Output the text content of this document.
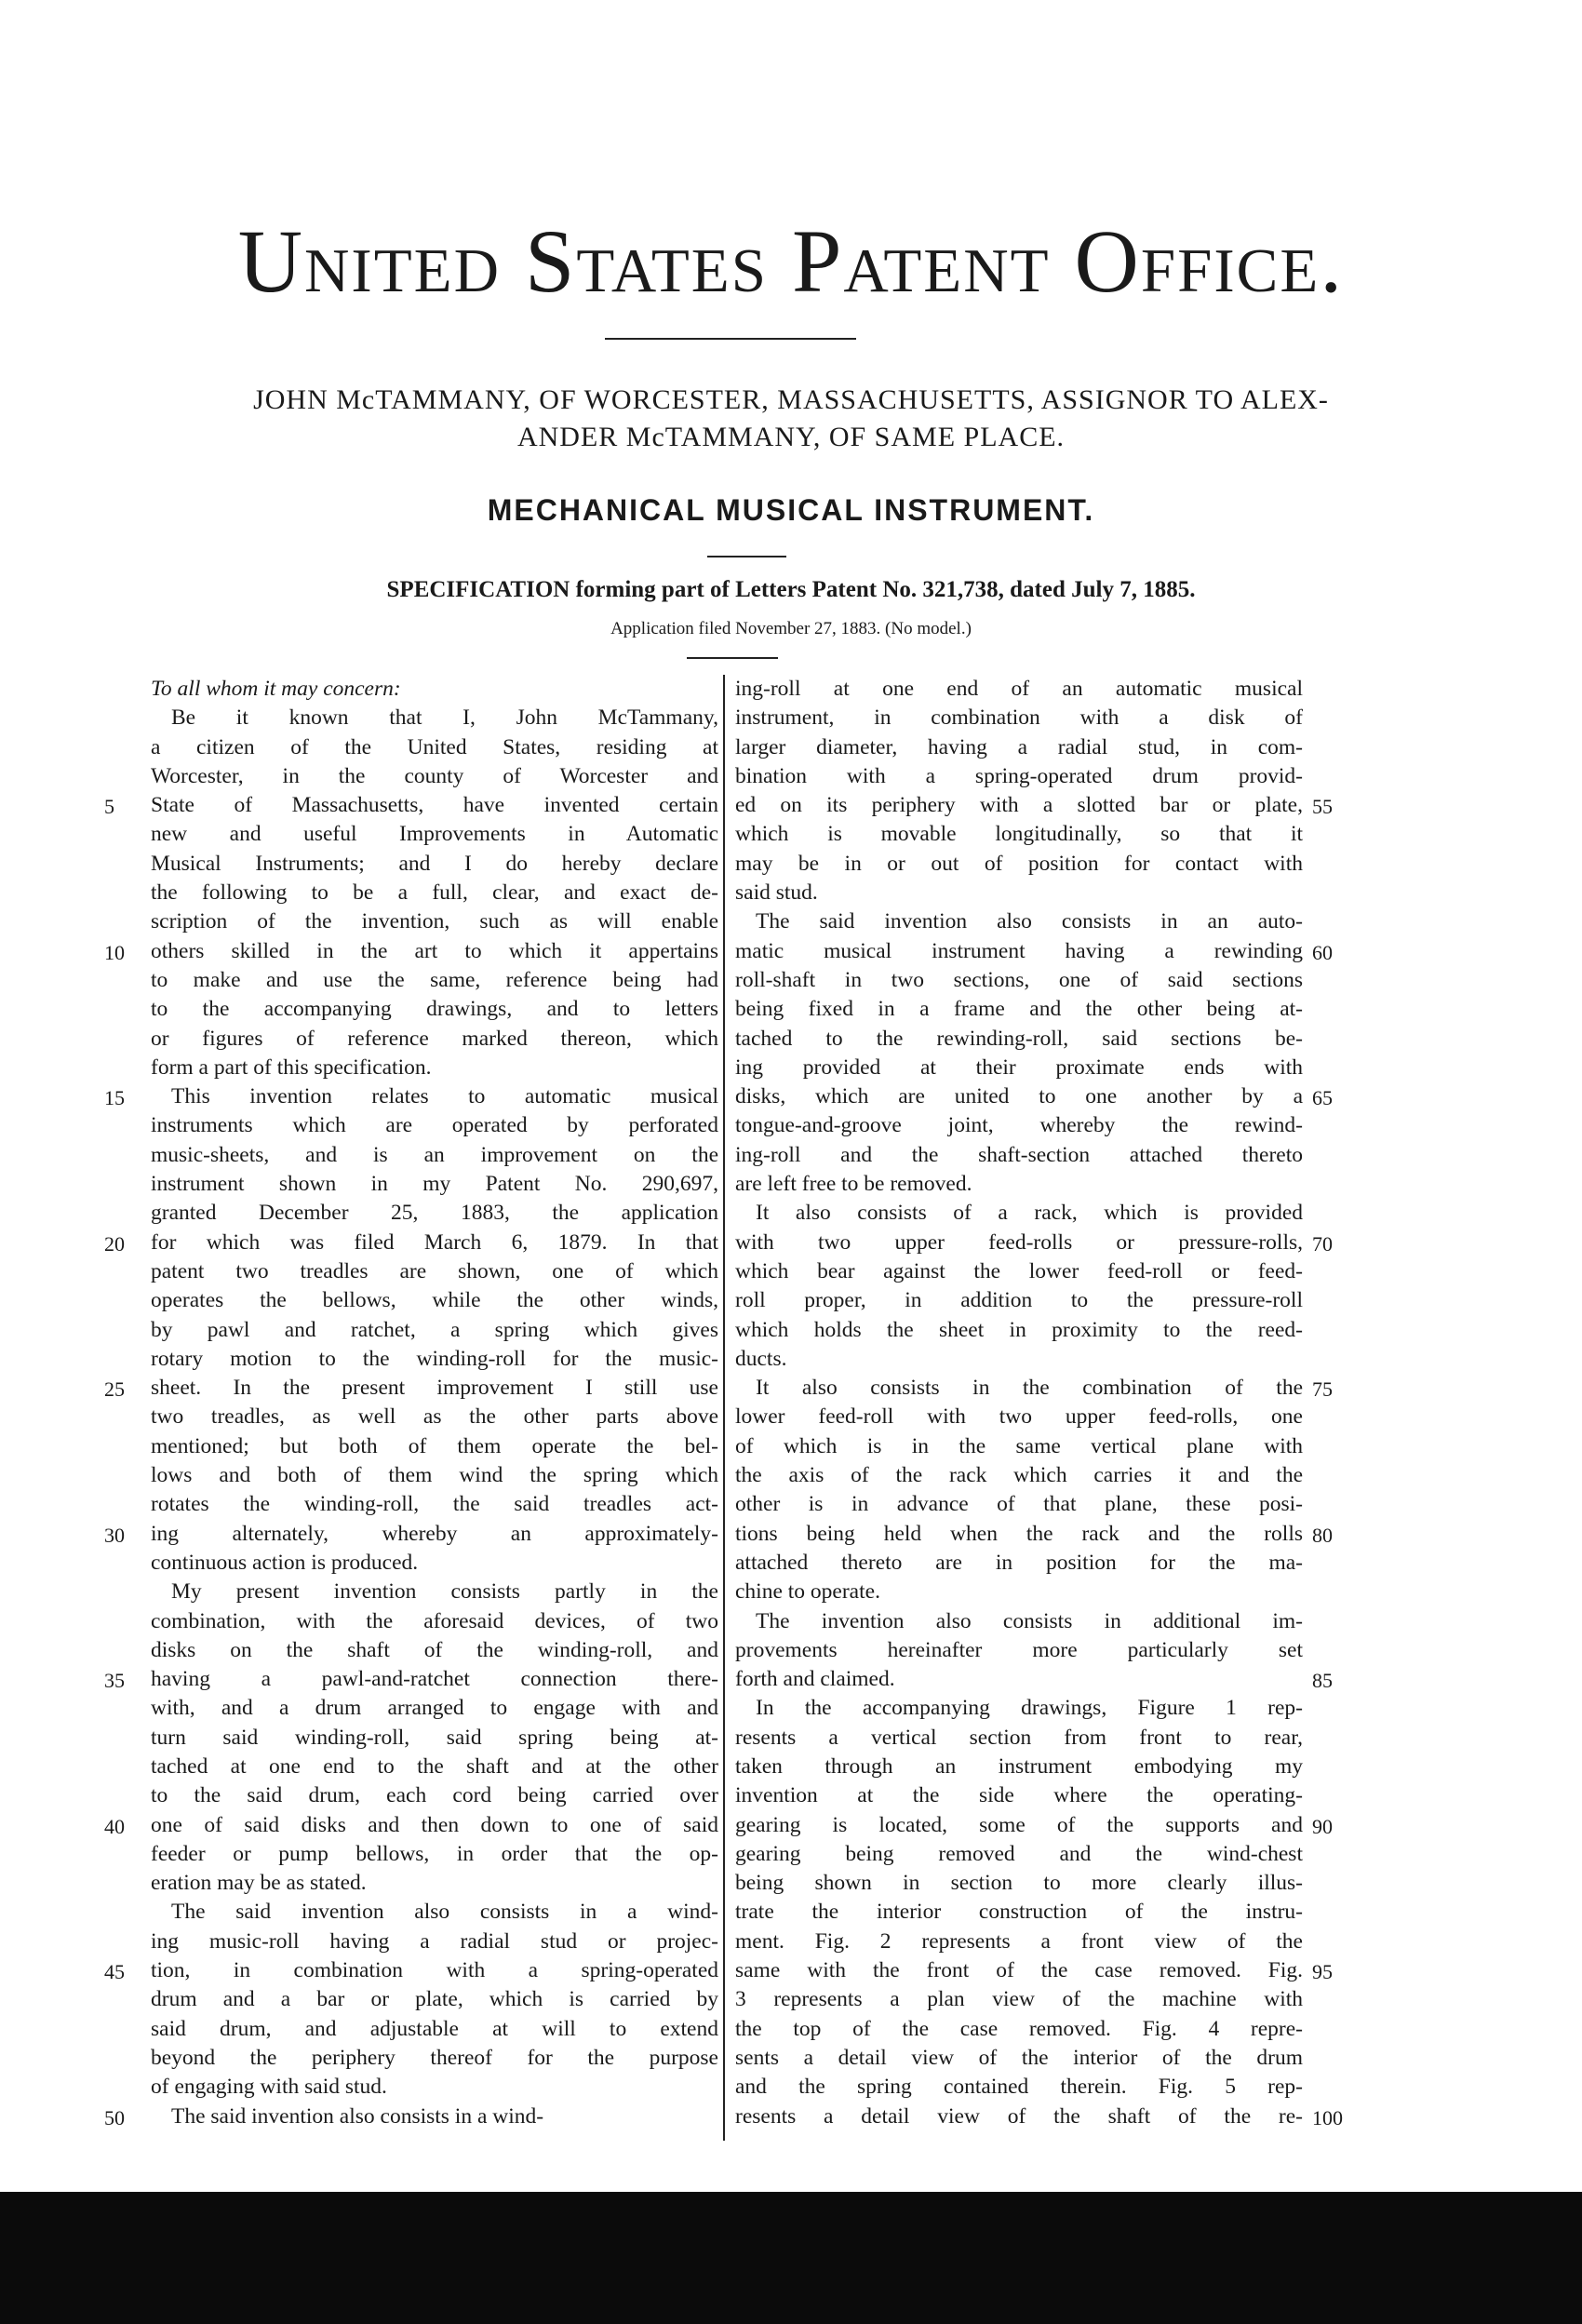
United States Patent Office.
JOHN McTAMMANY, OF WORCESTER, MASSACHUSETTS, ASSIGNOR TO ALEX-
ANDER McTAMMANY, OF SAME PLACE.
MECHANICAL MUSICAL INSTRUMENT.
SPECIFICATION forming part of Letters Patent No. 321,738, dated July 7, 1885.
Application filed November 27, 1883. (No model.)
To all whom it may concern:
Be it known that I, John McTammany,
a citizen of the United States, residing at
Worcester, in the county of Worcester and
State of Massachusetts, have invented certain
new and useful Improvements in Automatic
Musical Instruments; and I do hereby declare
the following to be a full, clear, and exact de-
scription of the invention, such as will enable
others skilled in the art to which it appertains
to make and use the same, reference being had
to the accompanying drawings, and to letters
or figures of reference marked thereon, which
form a part of this specification.
This invention relates to automatic musical
instruments which are operated by perforated
music-sheets, and is an improvement on the
instrument shown in my Patent No. 290,697,
granted December 25, 1883, the application
for which was filed March 6, 1879. In that
patent two treadles are shown, one of which
operates the bellows, while the other winds,
by pawl and ratchet, a spring which gives
rotary motion to the winding-roll for the music-
sheet. In the present improvement I still use
two treadles, as well as the other parts above
mentioned; but both of them operate the bel-
lows and both of them wind the spring which
rotates the winding-roll, the said treadles act-
ing alternately, whereby an approximately-
continuous action is produced.
My present invention consists partly in the
combination, with the aforesaid devices, of two
disks on the shaft of the winding-roll, and
having a pawl-and-ratchet connection there-
with, and a drum arranged to engage with and
turn said winding-roll, said spring being at-
tached at one end to the shaft and at the other
to the said drum, each cord being carried over
one of said disks and then down to one of said
feeder or pump bellows, in order that the op-
eration may be as stated.
The said invention also consists in a wind-
ing music-roll having a radial stud or projec-
tion, in combination with a spring-operated
drum and a bar or plate, which is carried by
said drum, and adjustable at will to extend
beyond the periphery thereof for the purpose
of engaging with said stud.
The said invention also consists in a wind-
ing-roll at one end of an automatic musical
instrument, in combination with a disk of
larger diameter, having a radial stud, in com-
bination with a spring-operated drum provid-
ed on its periphery with a slotted bar or plate,
which is movable longitudinally, so that it
may be in or out of position for contact with
said stud.
The said invention also consists in an auto-
matic musical instrument having a rewinding
roll-shaft in two sections, one of said sections
being fixed in a frame and the other being at-
tached to the rewinding-roll, said sections be-
ing provided at their proximate ends with
disks, which are united to one another by a
tongue-and-groove joint, whereby the rewind-
ing-roll and the shaft-section attached thereto
are left free to be removed.
It also consists of a rack, which is provided
with two upper feed-rolls or pressure-rolls,
which bear against the lower feed-roll or feed-
roll proper, in addition to the pressure-roll
which holds the sheet in proximity to the reed-
ducts.
It also consists in the combination of the
lower feed-roll with two upper feed-rolls, one
of which is in the same vertical plane with
the axis of the rack which carries it and the
other is in advance of that plane, these posi-
tions being held when the rack and the rolls
attached thereto are in position for the ma-
chine to operate.
The invention also consists in additional im-
provements hereinafter more particularly set
forth and claimed.
In the accompanying drawings, Figure 1 rep-
resents a vertical section from front to rear,
taken through an instrument embodying my
invention at the side where the operating-
gearing is located, some of the supports and
gearing being removed and the wind-chest
being shown in section to more clearly illus-
trate the interior construction of the instru-
ment. Fig. 2 represents a front view of the
same with the front of the case removed. Fig.
3 represents a plan view of the machine with
the top of the case removed. Fig. 4 repre-
sents a detail view of the interior of the drum
and the spring contained therein. Fig. 5 rep-
resents a detail view of the shaft of the re-
5
10
15
20
25
30
35
40
45
50
55
60
65
70
75
80
85
90
95
100
